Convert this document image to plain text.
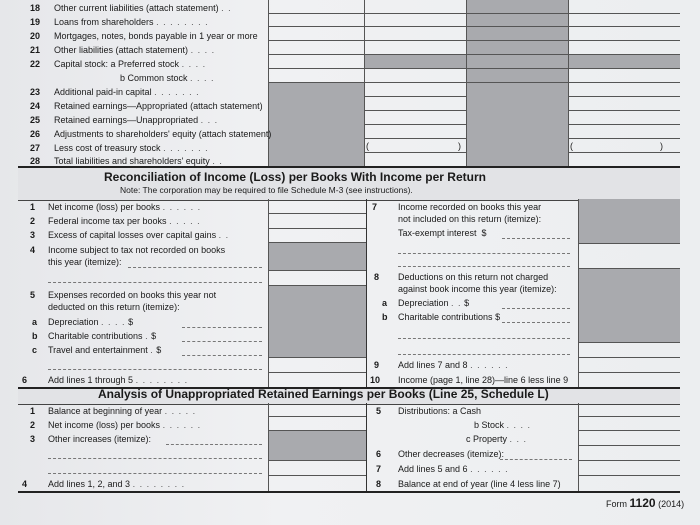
(	)	(	)
18 Other current liabilities (attach statement) . .
19 Loans from shareholders . . . . . . . .
20 Mortgages, notes, bonds payable in 1 year or more
21 Other liabilities (attach statement) . . . .
22 Capital stock: a Preferred stock . . . .
b Common stock . . . .
23 Additional paid-in capital . . . . . . .
24 Retained earnings—Appropriated (attach statement)
25 Retained earnings—Unappropriated . . .
26 Adjustments to shareholders' equity (attach statement)
27 Less cost of treasury stock . . . . . . .
28 Total liabilities and shareholders' equity . .
Reconciliation of Income (Loss) per Books With Income per Return
Note: The corporation may be required to file Schedule M-3 (see instructions).
1 Net income (loss) per books . . . . . .
2 Federal income tax per books . . . . .
3 Excess of capital losses over capital gains . .
4 Income subject to tax not recorded on books
this year (itemize):
5 Expenses recorded on books this year not
deducted on this return (itemize):
a Depreciation . . . . $
b Charitable contributions . $
c Travel and entertainment . $
6 Add lines 1 through 5 . . . . . . . .
7 Income recorded on books this year
not included on this return (itemize):
Tax-exempt interest  $
8 Deductions on this return not charged
against book income this year (itemize):
a Depreciation . . $
b Charitable contributions $
9 Add lines 7 and 8 . . . . . .
10 Income (page 1, line 28)—line 6 less line 9
Analysis of Unappropriated Retained Earnings per Books (Line 25, Schedule L)
1 Balance at beginning of year . . . . .
2 Net income (loss) per books . . . . . .
3 Other increases (itemize):
4 Add lines 1, 2, and 3 . . . . . . . .
5 Distributions: a Cash
b Stock . . . .
c Property . . .
6 Other decreases (itemize):
7 Add lines 5 and 6 . . . . . .
8 Balance at end of year (line 4 less line 7)
Form 1120 (2014)
